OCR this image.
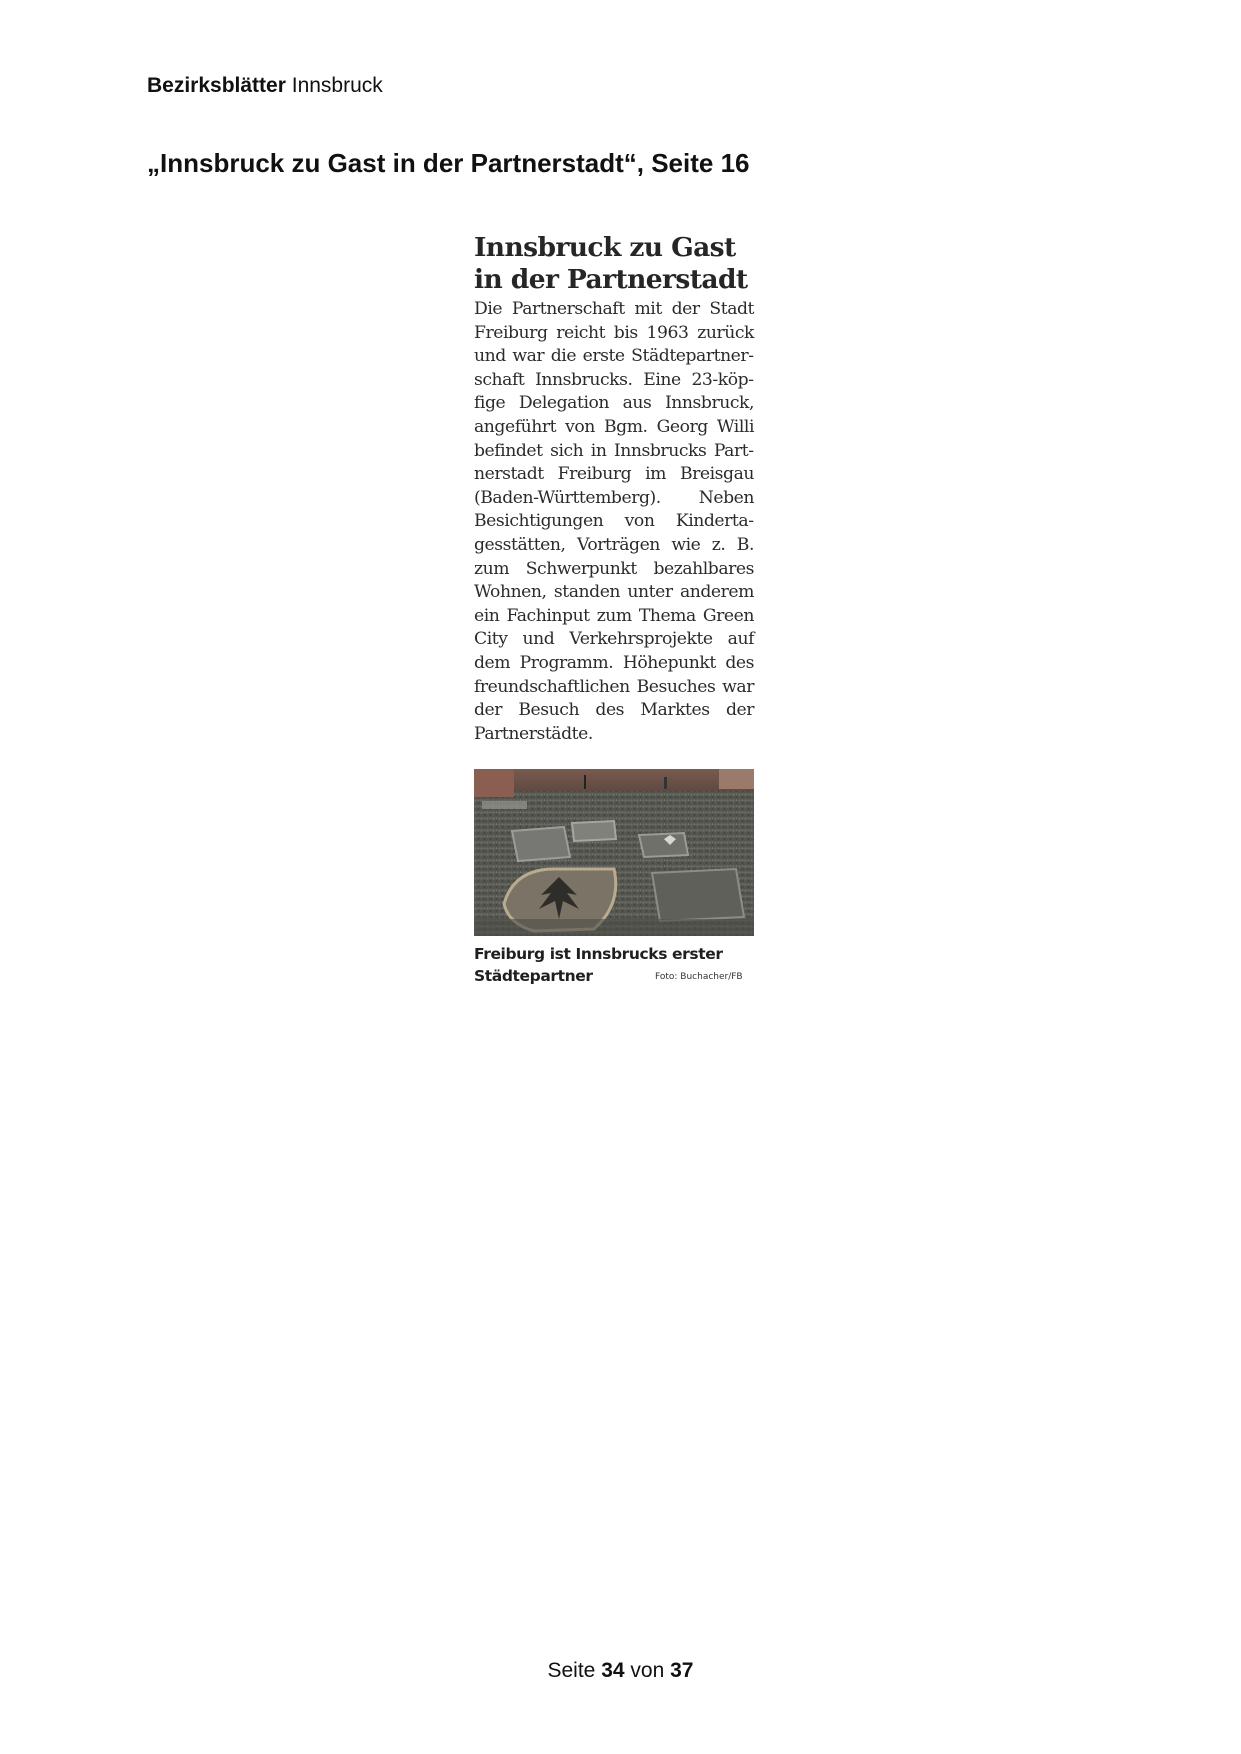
Bezirksblätter Innsbruck
„Innsbruck zu Gast in der Partnerstadt“, Seite 16
Innsbruck zu Gast
in der Partnerstadt

Die Partnerschaft mit der Stadt Freiburg reicht bis 1963 zurück und war die erste Städtepartnerschaft Innsbrucks. Eine 23-köpfige Delegation aus Innsbruck, angeführt von Bgm. Georg Willi befindet sich in Innsbrucks Partnerstadt Freiburg im Breisgau (Baden-Württemberg). Neben Besichtigungen von Kindertagesstätten, Vorträgen wie z. B. zum Schwerpunkt bezahlbares Wohnen, standen unter anderem ein Fachinput zum Thema Green City und Verkehrsprojekte auf dem Programm. Höhepunkt des freundschaftlichen Besuches war der Besuch des Marktes der Partnerstädte.

Freiburg ist Innsbrucks erster Städtepartner	Foto: Buchacher/FB
Seite 34 von 37
